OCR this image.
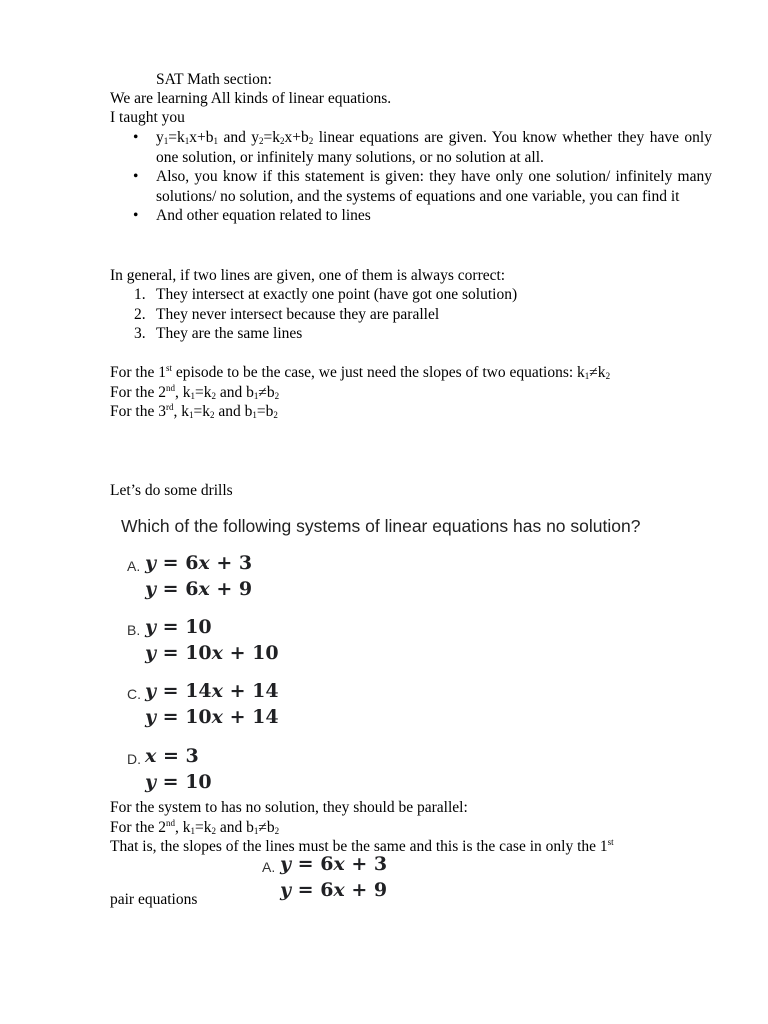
SAT Math section:
We are learning All kinds of linear equations.
I taught you
• $y_1=k_1x+b_1$ and $y_2=k_2x+b_2$ linear equations are given. You know whether they have only one solution, or infinitely many solutions, or no solution at all.
• Also, you know if this statement is given: they have only one solution/ infinitely many solutions/ no solution, and the systems of equations and one variable, you can find it
• And other equation related to lines
In general, if two lines are given, one of them is always correct:
1. They intersect at exactly one point (have got one solution)
2. They never intersect because they are parallel
3. They are the same lines
For the 1st episode to be the case, we just need the slopes of two equations: $k_1\ne k_2$
For the 2nd, $k_1=k_2$ and $b_1\ne b_2$
For the 3rd, $k_1=k_2$ and $b_1=b_2$
Let’s do some drills
Which of the following systems of linear equations has no solution?
A. y = 6x + 3
y = 6x + 9
B. y = 10
y = 10x + 10
C. y = 14x + 14
y = 10x + 14
D. x = 3
y = 10
For the system to has no solution, they should be parallel:
For the 2nd, $k_1=k_2$ and $b_1\ne b_2$
That is, the slopes of the lines must be the same and this is the case in only the 1st
pair equations
A. y = 6x + 3
y = 6x + 9
